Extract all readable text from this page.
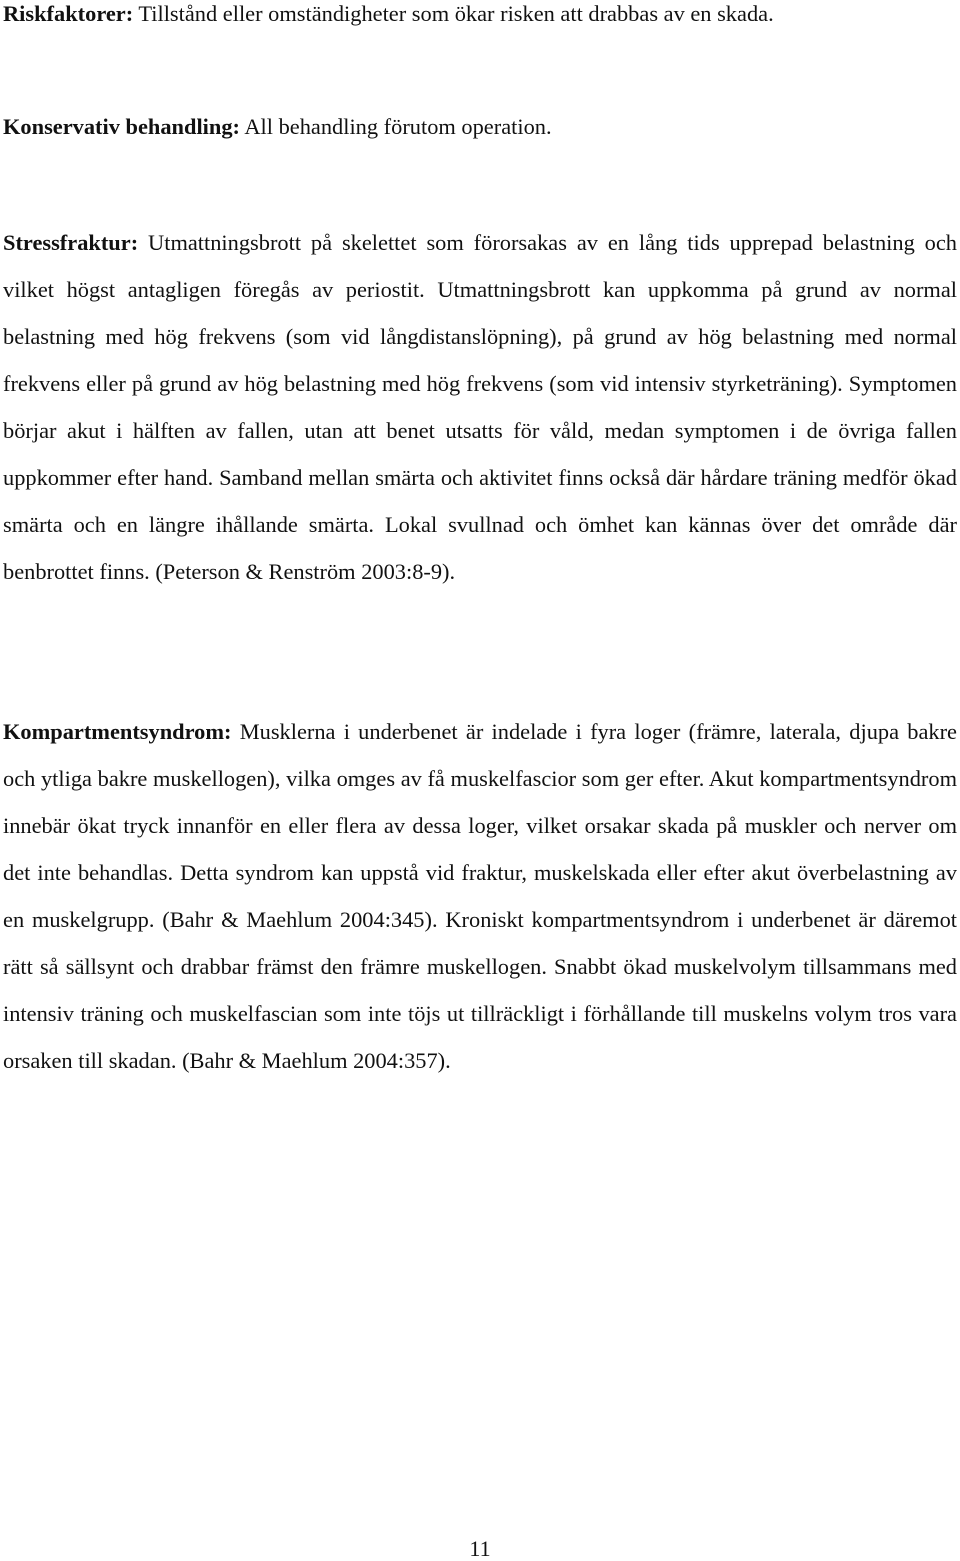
Riskfaktorer: Tillstånd eller omständigheter som ökar risken att drabbas av en skada.

Konservativ behandling: All behandling förutom operation.

Stressfraktur: Utmattningsbrott på skelettet som förorsakas av en lång tids upprepad belastning och vilket högst antagligen föregås av periostit. Utmattningsbrott kan uppkomma på grund av normal belastning med hög frekvens (som vid långdistanslöpning), på grund av hög belastning med normal frekvens eller på grund av hög belastning med hög frekvens (som vid intensiv styrketräning). Symptomen börjar akut i hälften av fallen, utan att benet utsatts för våld, medan symptomen i de övriga fallen uppkommer efter hand. Samband mellan smärta och aktivitet finns också där hårdare träning medför ökad smärta och en längre ihållande smärta. Lokal svullnad och ömhet kan kännas över det område där benbrottet finns. (Peterson & Renström 2003:8-9).

Kompartmentsyndrom: Musklerna i underbenet är indelade i fyra loger (främre, laterala, djupa bakre och ytliga bakre muskellogen), vilka omges av få muskelfascior som ger efter. Akut kompartmentsyndrom innebär ökat tryck innanför en eller flera av dessa loger, vilket orsakar skada på muskler och nerver om det inte behandlas. Detta syndrom kan uppstå vid fraktur, muskelskada eller efter akut överbelastning av en muskelgrupp. (Bahr & Maehlum 2004:345). Kroniskt kompartmentsyndrom i underbenet är däremot rätt så sällsynt och drabbar främst den främre muskellogen. Snabbt ökad muskelvolym tillsammans med intensiv träning och muskelfascian som inte töjs ut tillräckligt i förhållande till muskelns volym tros vara orsaken till skadan. (Bahr & Maehlum 2004:357).

11
